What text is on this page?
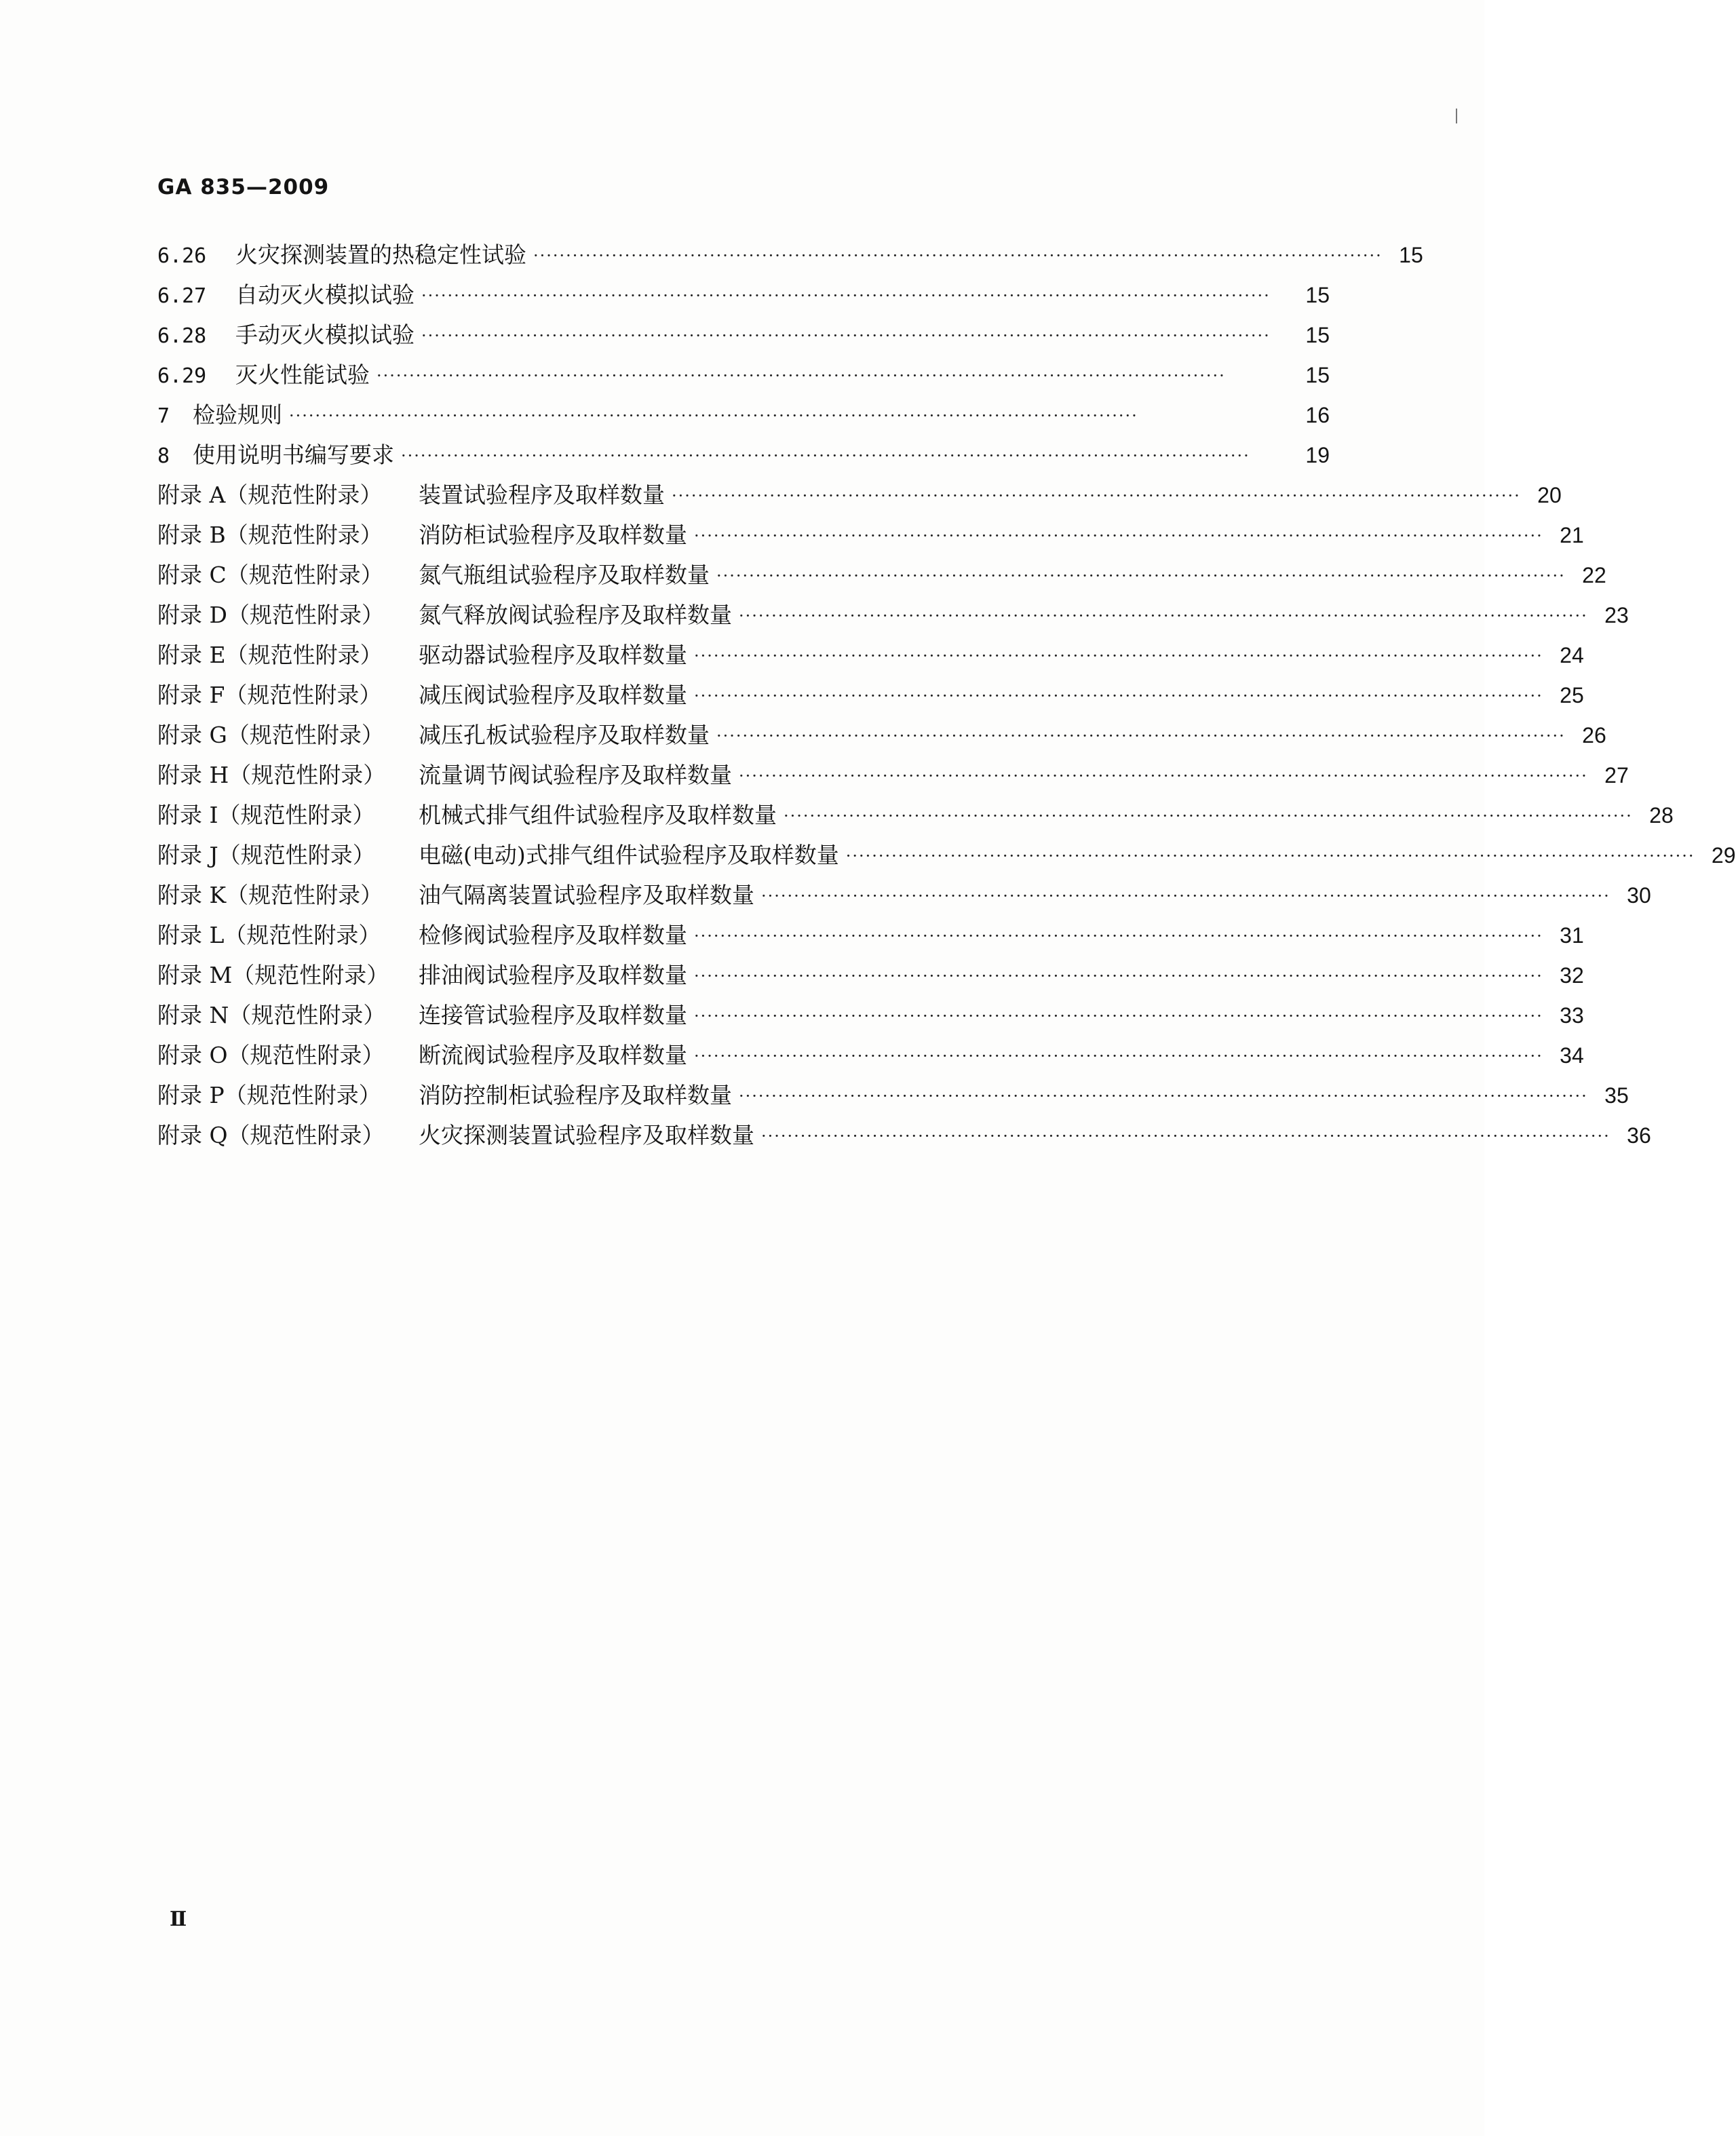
GA 835—2009
6.26	火灾探测装置的热稳定性试验 ·································································································································· 15
6.27	自动灭火模拟试验 ··································································································································	15
6.28	手动灭火模拟试验 ··································································································································	15
6.29	灭火性能试验 ··································································································································	15
7	检验规则 ··································································································································	16
8	使用说明书编写要求 ··································································································································	19
附录 A（规范性附录）	装置试验程序及取样数量 ·································································································································· 20
附录 B（规范性附录）	消防柜试验程序及取样数量 ·································································································································· 21
附录 C（规范性附录）	氮气瓶组试验程序及取样数量 ·································································································································· 22
附录 D（规范性附录）	氮气释放阀试验程序及取样数量 ·································································································································· 23
附录 E（规范性附录）	驱动器试验程序及取样数量 ·································································································································· 24
附录 F（规范性附录）	减压阀试验程序及取样数量 ·································································································································· 25
附录 G（规范性附录）	减压孔板试验程序及取样数量 ·································································································································· 26
附录 H（规范性附录）	流量调节阀试验程序及取样数量 ·································································································································· 27
附录 I（规范性附录）	机械式排气组件试验程序及取样数量 ·································································································································· 28
附录 J（规范性附录）	电磁(电动)式排气组件试验程序及取样数量 ·································································································································· 29
附录 K（规范性附录）	油气隔离装置试验程序及取样数量 ·································································································································· 30
附录 L（规范性附录）	检修阀试验程序及取样数量 ·································································································································· 31
附录 M（规范性附录）	排油阀试验程序及取样数量 ·································································································································· 32
附录 N（规范性附录）	连接管试验程序及取样数量 ·································································································································· 33
附录 O（规范性附录）	断流阀试验程序及取样数量 ·································································································································· 34
附录 P（规范性附录）	消防控制柜试验程序及取样数量 ·································································································································· 35
附录 Q（规范性附录）	火灾探测装置试验程序及取样数量 ·································································································································· 36
Ⅱ
